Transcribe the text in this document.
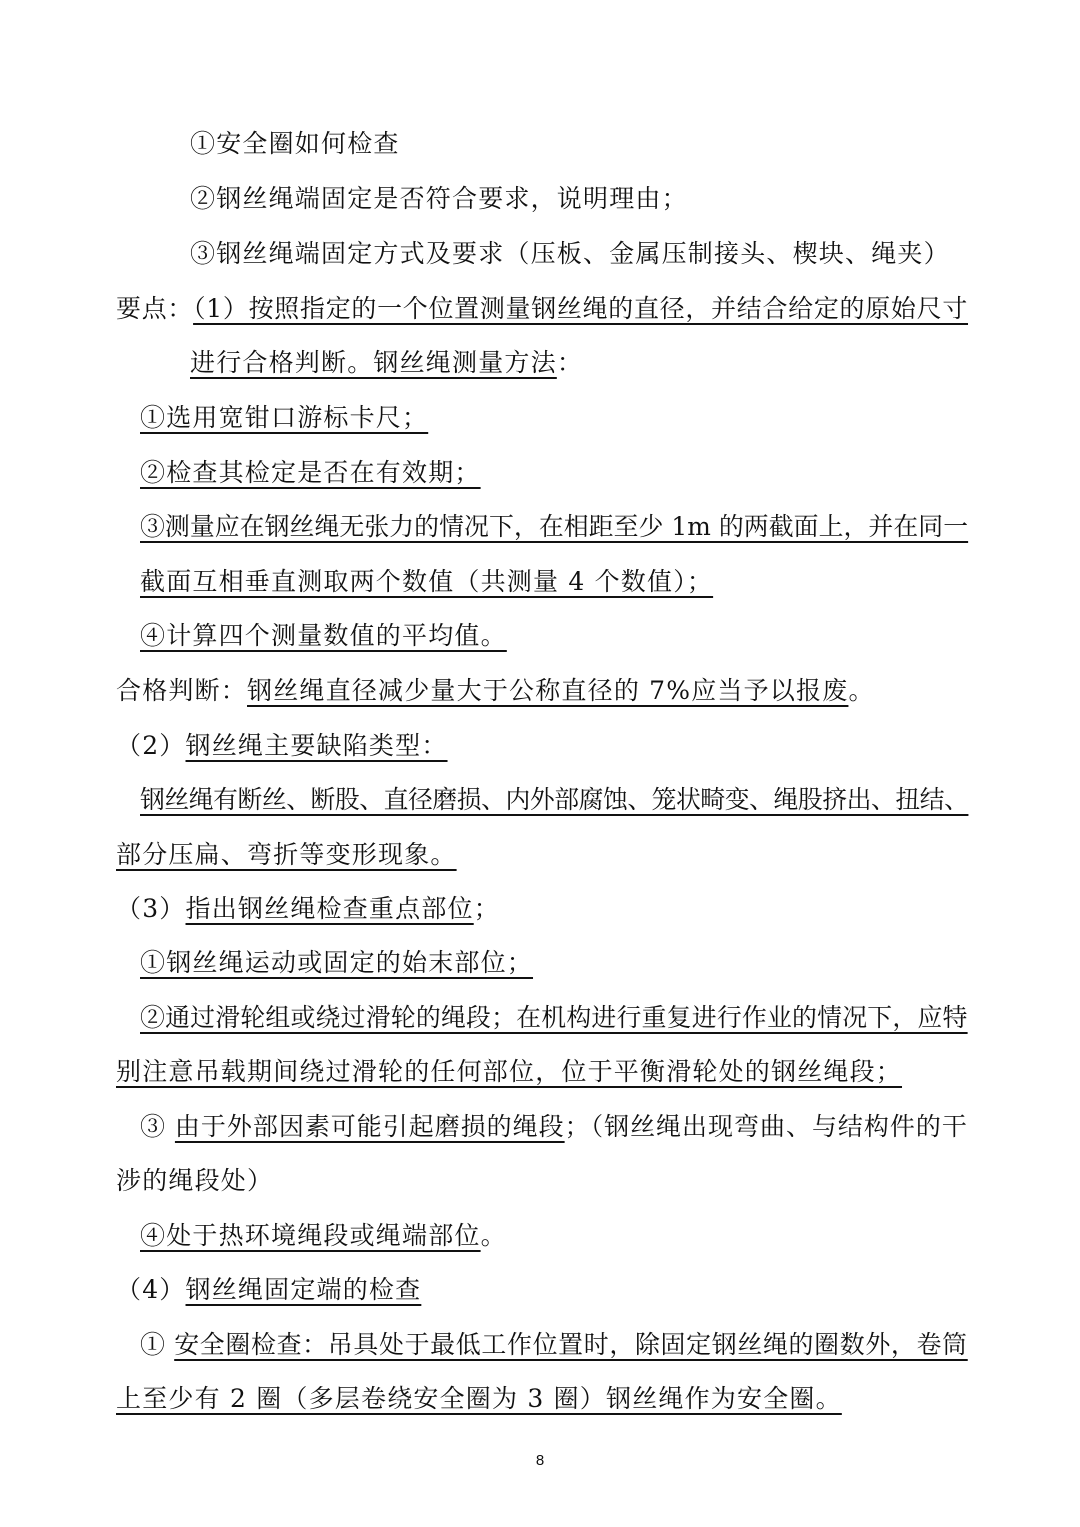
①安全圈如何检查
②钢丝绳端固定是否符合要求，说明理由；
③钢丝绳端固定方式及要求（压板、金属压制接头、楔块、绳夹）
要点：（1）按照指定的一个位置测量钢丝绳的直径，并结合给定的原始尺寸
进行合格判断。钢丝绳测量方法：
①选用宽钳口游标卡尺；
②检查其检定是否在有效期；
③测量应在钢丝绳无张力的情况下，在相距至少 1m 的两截面上，并在同一
截面互相垂直测取两个数值（共测量 4 个数值）；
④计算四个测量数值的平均值。
合格判断：钢丝绳直径减少量大于公称直径的 7%应当予以报废。
（2）钢丝绳主要缺陷类型：
钢丝绳有断丝、断股、直径磨损、内外部腐蚀、笼状畸变、绳股挤出、扭结、
部分压扁、弯折等变形现象。
（3）指出钢丝绳检查重点部位；
①钢丝绳运动或固定的始末部位；
②通过滑轮组或绕过滑轮的绳段；在机构进行重复进行作业的情况下，应特
别注意吊载期间绕过滑轮的任何部位，位于平衡滑轮处的钢丝绳段；
③ 由于外部因素可能引起磨损的绳段；（钢丝绳出现弯曲、与结构件的干
涉的绳段处）
④处于热环境绳段或绳端部位。
（4）钢丝绳固定端的检查
① 安全圈检查：吊具处于最低工作位置时，除固定钢丝绳的圈数外，卷筒
上至少有 2 圈（多层卷绕安全圈为 3 圈）钢丝绳作为安全圈。
8
